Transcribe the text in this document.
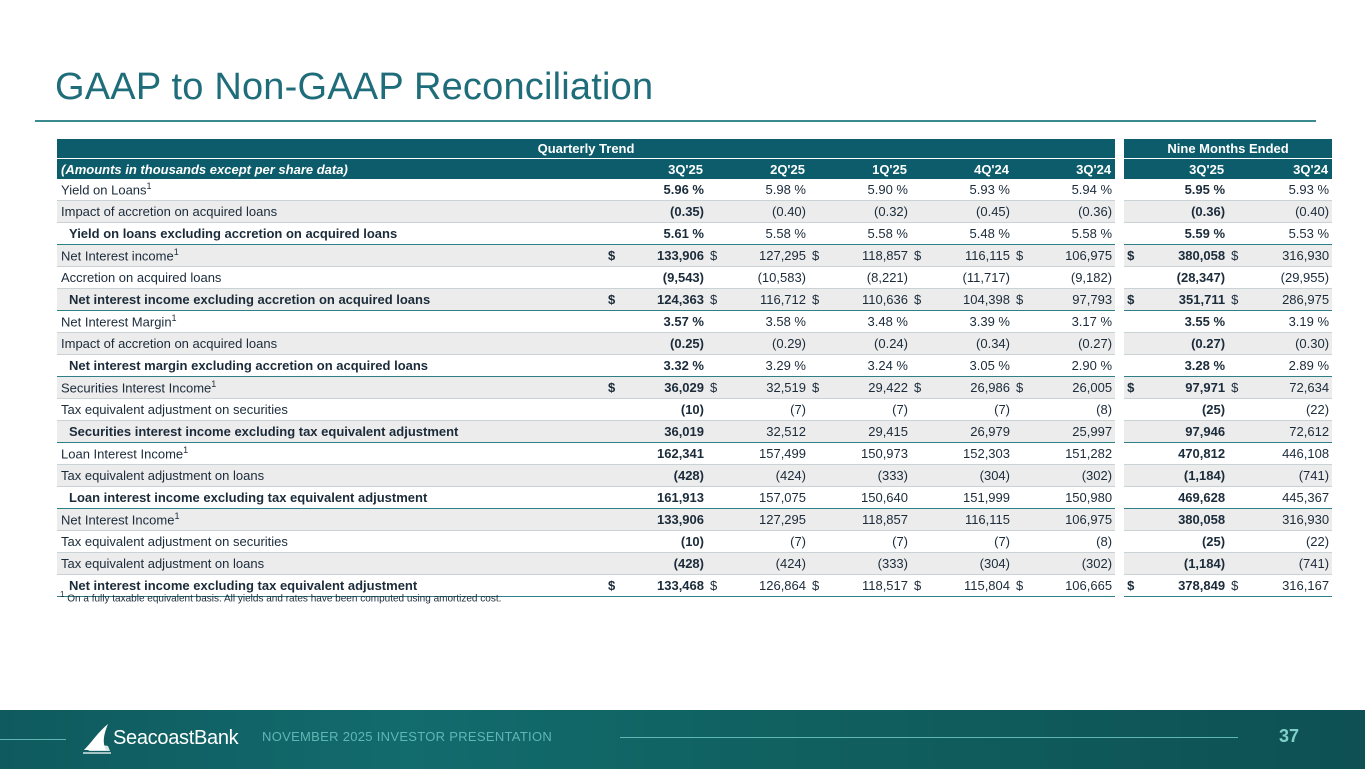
GAAP to Non-GAAP Reconciliation
Quarterly Trend							Nine Months Ended	
(Amounts in thousands except per share data)	3Q'25	2Q'25	1Q'25	4Q'24	3Q'24		3Q'25	3Q'24
Yield on Loans$^1$	5.96 %	5.98 %	5.90 %	5.93 %	5.94 %		5.95 %	5.93 %

Impact of accretion on acquired loans	(0.35)	(0.40)	(0.32)	(0.45)	(0.36)		(0.36)	(0.40)

Yield on loans excluding accretion on acquired loans	5.61 %	5.58 %	5.58 %	5.48 %	5.58 %		5.59 %	5.53 %

Net Interest income$^1$	$ 133,906	$ 127,295	$ 118,857	$ 116,115	$ 106,975		$ 380,058	$ 316,930

Accretion on acquired loans	(9,543)	(10,583)	(8,221)	(11,717)	(9,182)		(28,347)	(29,955)

Net interest income excluding accretion on acquired loans	$ 124,363	$ 116,712	$ 110,636	$ 104,398	$ 97,793		$ 351,711	$ 286,975

Net Interest Margin$^1$	3.57 %	3.58 %	3.48 %	3.39 %	3.17 %		3.55 %	3.19 %

Impact of accretion on acquired loans	(0.25)	(0.29)	(0.24)	(0.34)	(0.27)		(0.27)	(0.30)

Net interest margin excluding accretion on acquired loans	3.32 %	3.29 %	3.24 %	3.05 %	2.90 %		3.28 %	2.89 %

Securities Interest Income$^1$	$ 36,029	$ 32,519	$ 29,422	$ 26,986	$ 26,005		$ 97,971	$ 72,634

Tax equivalent adjustment on securities	(10)	(7)	(7)	(7)	(8)		(25)	(22)

Securities interest income excluding tax equivalent adjustment	36,019	32,512	29,415	26,979	25,997		97,946	72,612

Loan Interest Income$^1$	162,341	157,499	150,973	152,303	151,282		470,812	446,108

Tax equivalent adjustment on loans	(428)	(424)	(333)	(304)	(302)		(1,184)	(741)

Loan interest income excluding tax equivalent adjustment	161,913	157,075	150,640	151,999	150,980		469,628	445,367

Net Interest Income$^1$	133,906	127,295	118,857	116,115	106,975		380,058	316,930

Tax equivalent adjustment on securities	(10)	(7)	(7)	(7)	(8)		(25)	(22)

Tax equivalent adjustment on loans	(428)	(424)	(333)	(304)	(302)		(1,184)	(741)

Net interest income excluding tax equivalent adjustment	$ 133,468	$ 126,864	$ 118,517	$ 115,804	$ 106,665		$ 378,849	$ 316,167
$^1$ On a fully taxable equivalent basis. All yields and rates have been computed using amortized cost.
SeacoastBank NOVEMBER 2025 INVESTOR PRESENTATION	37
